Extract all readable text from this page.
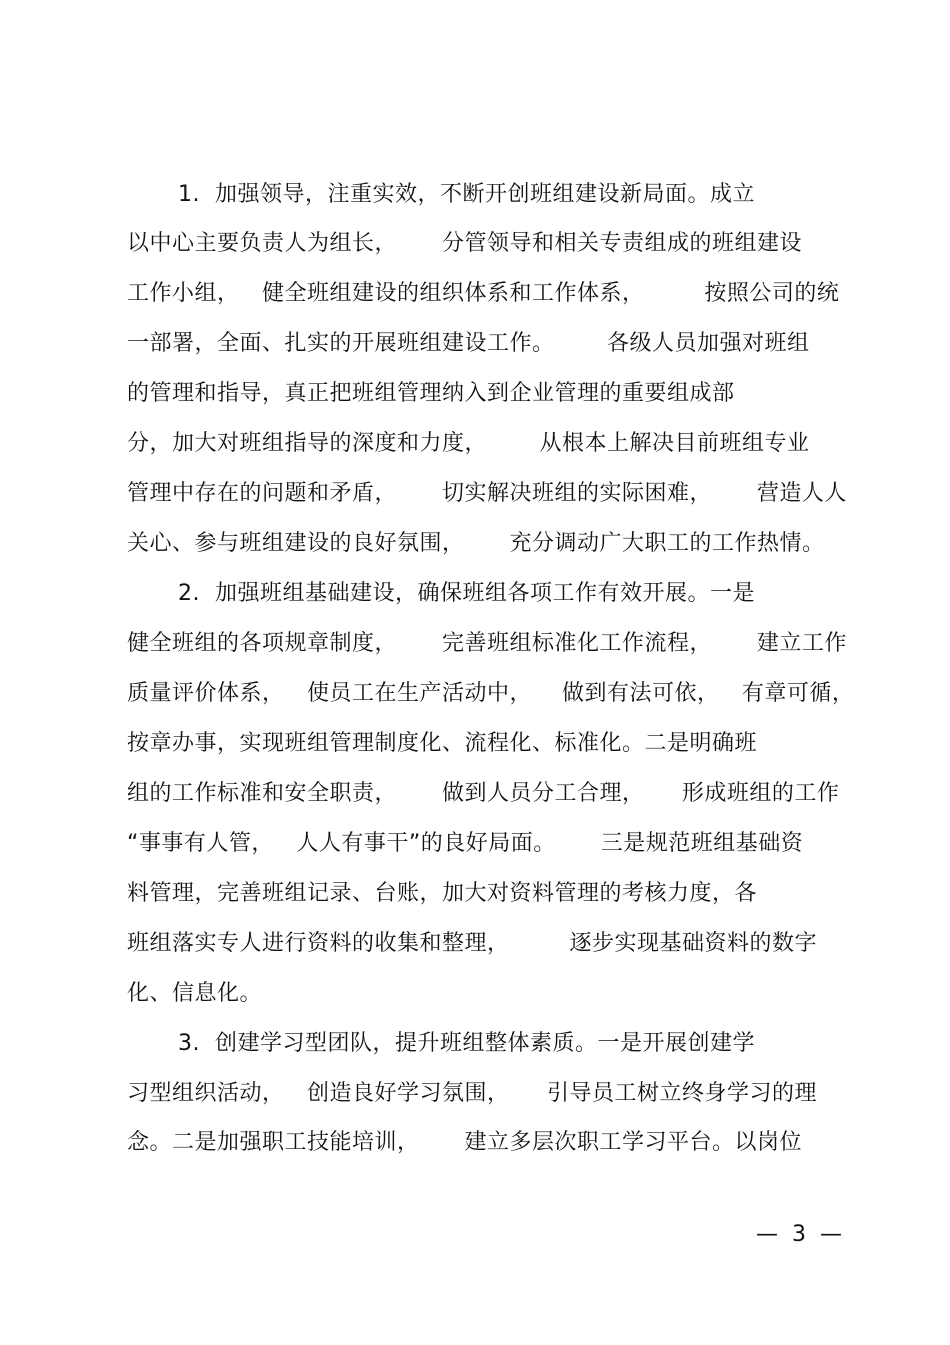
1.  加强领导，注重实效，不断开创班组建设新局面。成立
以中心主要负责人为组长，      分管领导和相关专责组成的班组建设
工作小组，   健全班组建设的组织体系和工作体系，        按照公司的统
一部署，全面、扎实的开展班组建设工作。       各级人员加强对班组
的管理和指导，真正把班组管理纳入到企业管理的重要组成部
分，加大对班组指导的深度和力度，       从根本上解决目前班组专业
管理中存在的问题和矛盾，      切实解决班组的实际困难，      营造人人
关心、参与班组建设的良好氛围，      充分调动广大职工的工作热情。
2.  加强班组基础建设，确保班组各项工作有效开展。一是
健全班组的各项规章制度，      完善班组标准化工作流程，      建立工作
质量评价体系，   使员工在生产活动中，    做到有法可依，   有章可循，
按章办事，实现班组管理制度化、流程化、标准化。二是明确班
组的工作标准和安全职责，      做到人员分工合理，     形成班组的工作
“事事有人管，   人人有事干”的良好局面。      三是规范班组基础资
料管理，完善班组记录、台账，加大对资料管理的考核力度，各
班组落实专人进行资料的收集和整理，        逐步实现基础资料的数字
化、信息化。
3.  创建学习型团队，提升班组整体素质。一是开展创建学
习型组织活动，   创造良好学习氛围，     引导员工树立终身学习的理
念。二是加强职工技能培训，      建立多层次职工学习平台。以岗位
—  3  —
